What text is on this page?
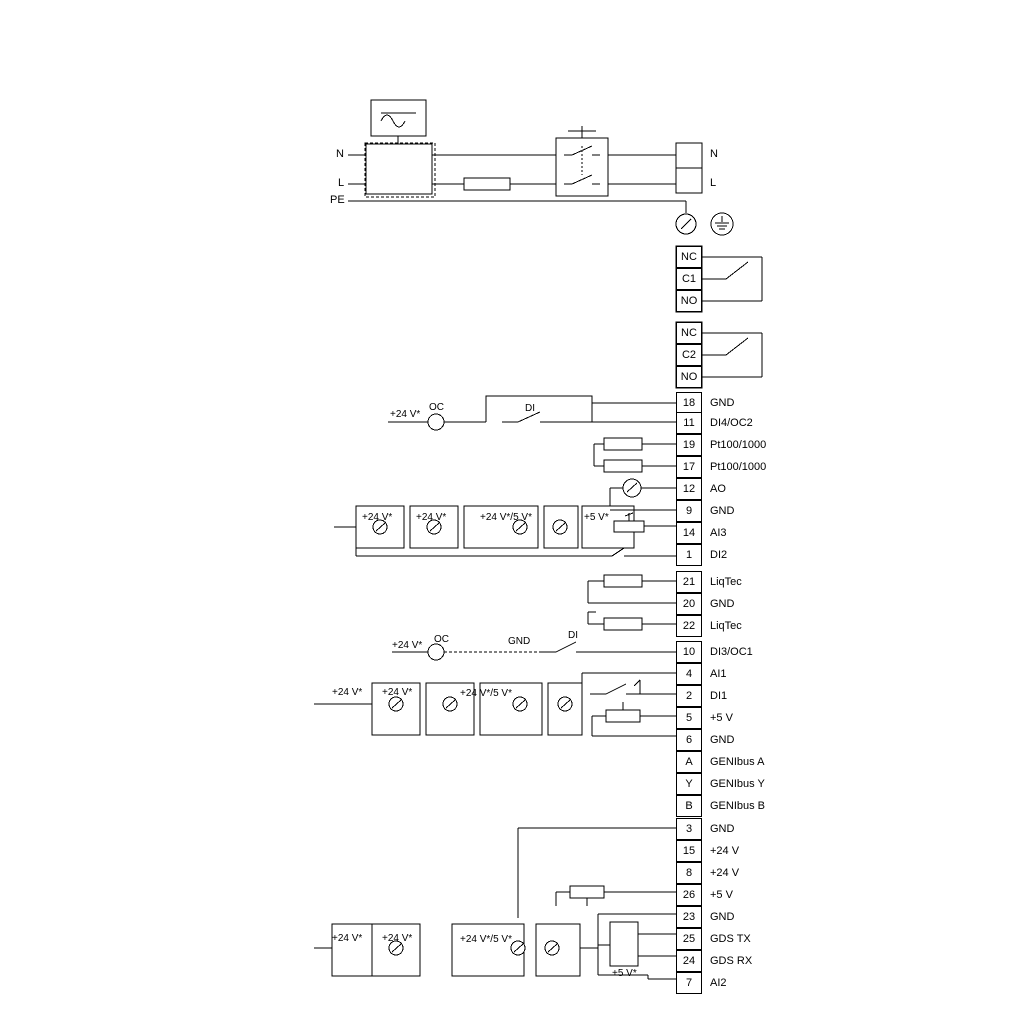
N
L
PE
N
L
NC
C1
NO
NC
C2
NO
18	GND
11	DI4/OC2
19	Pt100/1000
17	Pt100/1000
12	AO
9	GND
14	AI3
1	DI2
21	LiqTec
20	GND
22	LiqTec
10	DI3/OC1
4	AI1
2	DI1
5	+5 V
6	GND
A	GENIbus A
Y	GENIbus Y
B	GENIbus B
3	GND
15	+24 V
8	+24 V
26	+5 V
23	GND
25	GDS TX
24	GDS RX
7	AI2
+24 V*
OC	DI
+24 V* +24 V*	+24 V*/5 V*	+5 V*
+24 V*
OC	GND
DI
+24 V* +24 V*	+24 V*/5 V*
+24 V* +24 V*	+24 V*/5 V*
+5 V*
